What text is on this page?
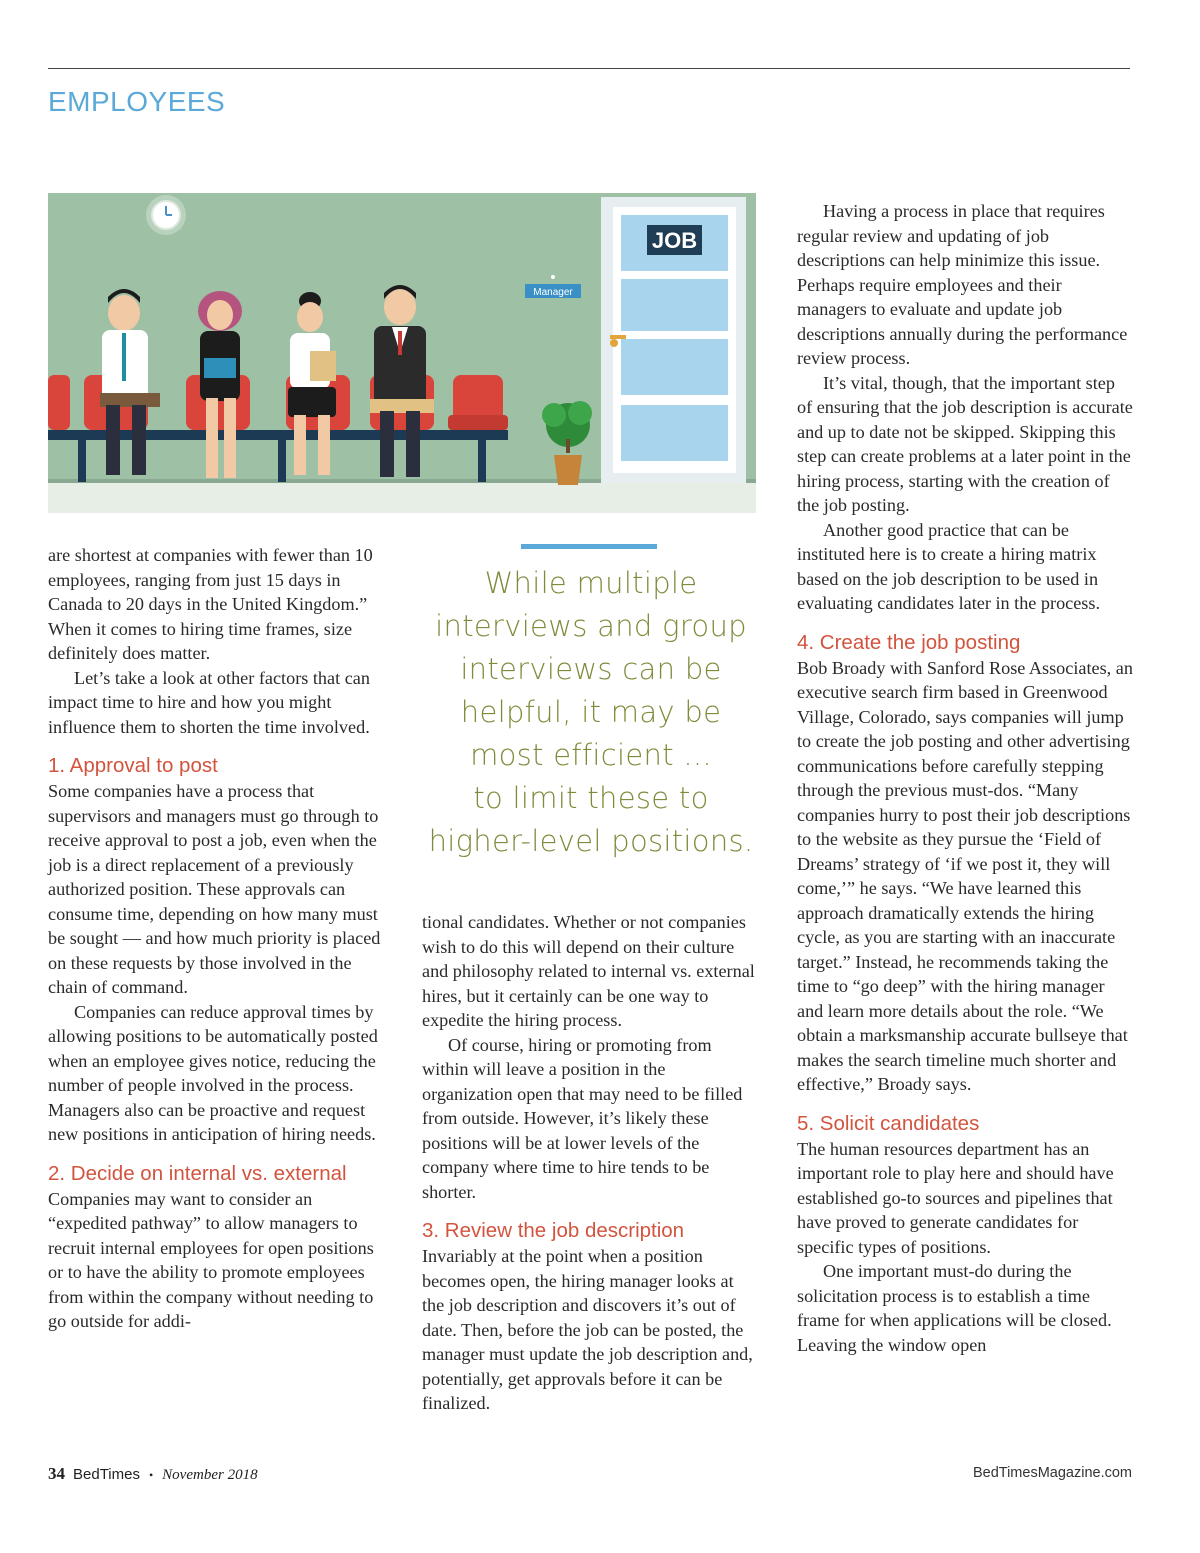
EMPLOYEES
JOB
Manager

are shortest at companies with fewer than 10 employees, ranging from just 15 days in Canada to 20 days in the United Kingdom.” When it comes to hiring time frames, size definitely does matter.

Let’s take a look at other factors that can impact time to hire and how you might influence them to shorten the time involved.

1. Approval to post

Some companies have a process that supervisors and managers must go through to receive approval to post a job, even when the job is a direct replacement of a previously authorized position. These approvals can consume time, depending on how many must be sought — and how much priority is placed on these requests by those involved in the chain of command.

Companies can reduce approval times by allowing positions to be automatically posted when an employee gives notice, reducing the number of people involved in the process. Managers also can be proactive and request new positions in anticipation of hiring needs.

2. Decide on internal vs. external

Companies may want to consider an “expedited pathway” to allow managers to recruit internal employees for open positions or to have the ability to promote employees from within the company without needing to go outside for addi-

While multiple
interviews and group
interviews can be
helpful, it may be
most efficient ...
to limit these to
higher-level positions.

tional candidates. Whether or not companies wish to do this will depend on their culture and philosophy related to internal vs. external hires, but it certainly can be one way to expedite the hiring process.

Of course, hiring or promoting from within will leave a position in the organization open that may need to be filled from outside. However, it’s likely these positions will be at lower levels of the company where time to hire tends to be shorter.

3. Review the job description

Invariably at the point when a position becomes open, the hiring manager looks at the job description and discovers it’s out of date. Then, before the job can be posted, the manager must update the job description and, potentially, get approvals before it can be finalized.

Having a process in place that requires regular review and updating of job descriptions can help minimize this issue. Perhaps require employees and their managers to evaluate and update job descriptions annually during the performance review process.

It’s vital, though, that the important step of ensuring that the job description is accurate and up to date not be skipped. Skipping this step can create problems at a later point in the hiring process, starting with the creation of the job posting.

Another good practice that can be instituted here is to create a hiring matrix based on the job description to be used in evaluating candidates later in the process.

4. Create the job posting

Bob Broady with Sanford Rose Associates, an executive search firm based in Greenwood Village, Colorado, says companies will jump to create the job posting and other advertising communications before carefully stepping through the previous must-dos. “Many companies hurry to post their job descriptions to the website as they pursue the ‘Field of Dreams’ strategy of ‘if we post it, they will come,’” he says. “We have learned this approach dramatically extends the hiring cycle, as you are starting with an inaccurate target.” Instead, he recommends taking the time to “go deep” with the hiring manager and learn more details about the role. “We obtain a marksmanship accurate bullseye that makes the search timeline much shorter and effective,” Broady says.

5. Solicit candidates

The human resources department has an important role to play here and should have established go-to sources and pipelines that have proved to generate candidates for specific types of positions.

One important must-do during the solicitation process is to establish a time frame for when applications will be closed. Leaving the window open

34 BedTimes • November 2018	BedTimesMagazine.com
